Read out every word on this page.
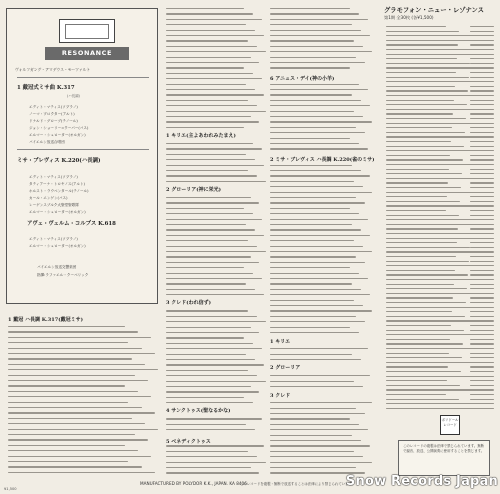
RESONANCE
ヴォルフガング・アマデウス・モーツァルト
1 戴冠式ミサ曲 K.317
(ハ長調)
エディト・マティス(ソプラノ)
ノーマ・プロクター(アルト)
ドナルド・グローブ(テノール)
ジョン・ショーリー=クーパー(バス)
エルマー・シュローター(オルガン)
バイエルン放送合唱団
ミサ・ブレヴィス K.220(ハ長調)
エディト・マティス(ソプラノ)
タティアーナ・トロヤノス(アルト)
ホルスト・ラウベンタール(テノール)
カール・エンゲン(バス)
レーゲンスブルク大聖堂聖歌隊
エルマー・シュローター(オルガン)
アヴェ・ヴェルム・コルプス K.618
エディト・マティス(ソプラノ)
エルマー・シュローター(オルガン)
バイエルン放送交響楽団
指揮:ラファエル・クーベリック
1 戴冠 ハ長調 K.317(戴冠ミサ)
1 キリエ(主よあわれみたまえ)
2 グローリア(神に栄光)
3 クレド(われ信ず)
4 サンクトゥス(聖なるかな)
5 ベネディクトゥス
6 アニュス・デイ(神の小羊)
2 ミサ・ブレヴィス ハ長調 K.220(雀のミサ)
1 キリエ
2 グローリア
3 クレド
グラモフォン・ニュー・レゾナンス
第1期 全30枚 (各¥1,500)
ポリドール
レコード
このレコードの複製は法律で禁じられています。無断で録音、放送、公開演奏に使用することを禁じます。
MANUFACTURED BY POLYDOR K.K., JAPAN. KA 8406
このレコードを複製・無断で放送することは法律により禁じられています。
¥1,500	Snow Records Japan
